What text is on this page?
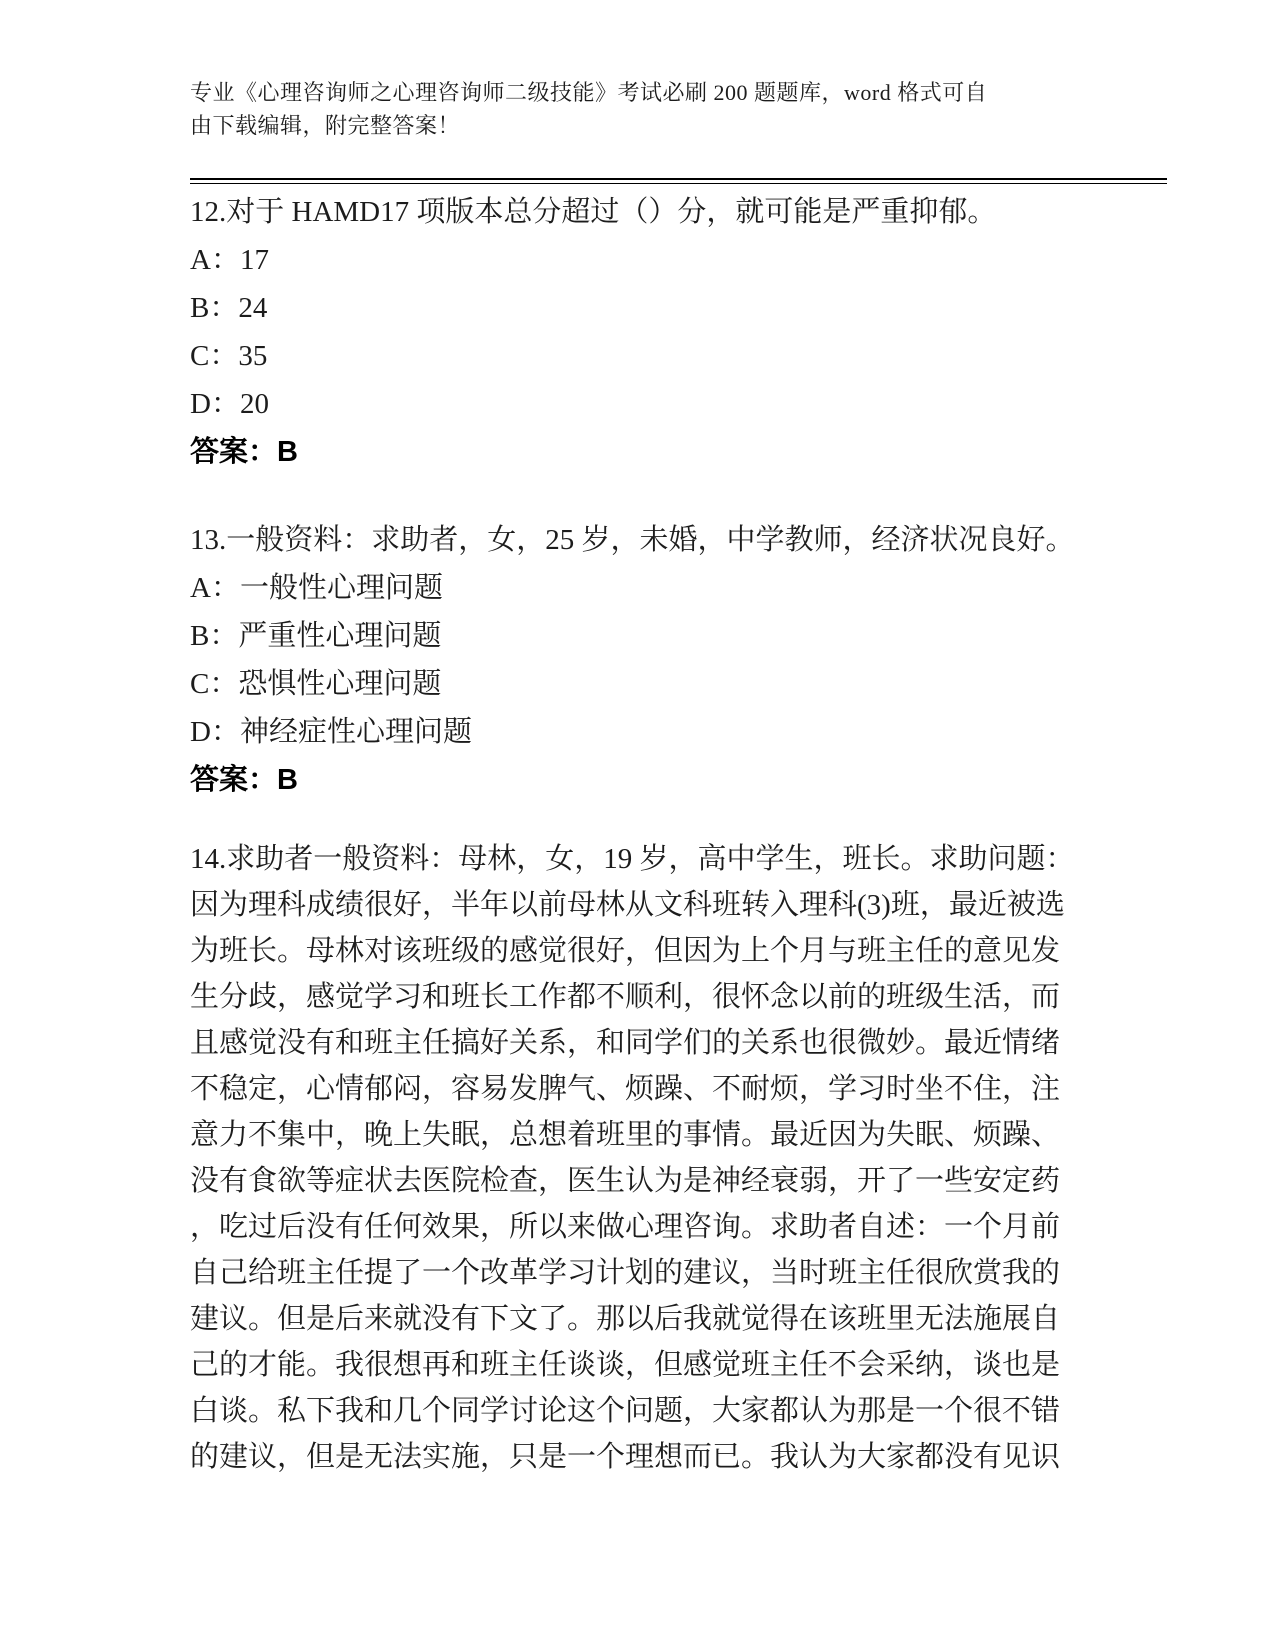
专业《心理咨询师之心理咨询师二级技能》考试必刷 200 题题库，word 格式可自
由下载编辑，附完整答案！
12.对于 HAMD17 项版本总分超过（）分，就可能是严重抑郁。
A：17
B：24
C：35
D：20
答案：B
13.一般资料：求助者，女，25 岁，未婚，中学教师，经济状况良好。
A：一般性心理问题
B：严重性心理问题
C：恐惧性心理问题
D：神经症性心理问题
答案：B
14.求助者一般资料：母林，女，19 岁，高中学生，班长。求助问题：
因为理科成绩很好，半年以前母林从文科班转入理科(3)班，最近被选
为班长。母林对该班级的感觉很好，但因为上个月与班主任的意见发
生分歧，感觉学习和班长工作都不顺利，很怀念以前的班级生活，而
且感觉没有和班主任搞好关系，和同学们的关系也很微妙。最近情绪
不稳定，心情郁闷，容易发脾气、烦躁、不耐烦，学习时坐不住，注
意力不集中，晚上失眠，总想着班里的事情。最近因为失眠、烦躁、
没有食欲等症状去医院检查，医生认为是神经衰弱，开了一些安定药
，吃过后没有任何效果，所以来做心理咨询。求助者自述：一个月前
自己给班主任提了一个改革学习计划的建议，当时班主任很欣赏我的
建议。但是后来就没有下文了。那以后我就觉得在该班里无法施展自
己的才能。我很想再和班主任谈谈，但感觉班主任不会采纳，谈也是
白谈。私下我和几个同学讨论这个问题，大家都认为那是一个很不错
的建议，但是无法实施，只是一个理想而已。我认为大家都没有见识
